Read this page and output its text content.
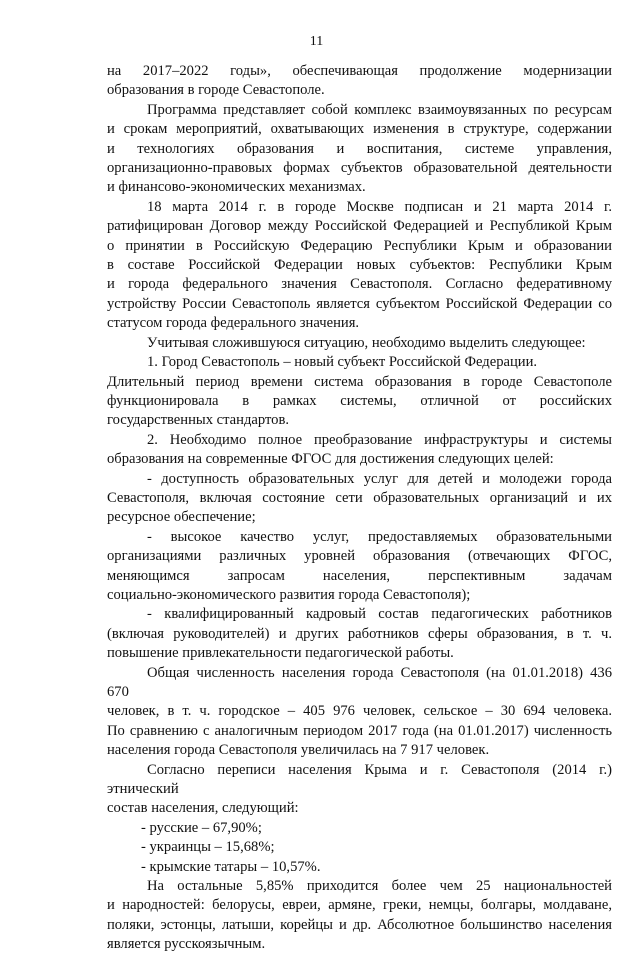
11

на 2017–2022 годы», обеспечивающая продолжение модернизации

образования в городе Севастополе.

Программа представляет собой комплекс взаимоувязанных по ресурсам

и срокам мероприятий, охватывающих изменения в структуре, содержании

и технологиях образования и воспитания, системе управления,

организационно-правовых формах субъектов образовательной деятельности

и финансово-экономических механизмах.

18 марта 2014 г. в городе Москве подписан и 21 марта 2014 г.

ратифицирован Договор между Российской Федерацией и Республикой Крым

о принятии в Российскую Федерацию Республики Крым и образовании

в составе Российской Федерации новых субъектов: Республики Крым

и города федерального значения Севастополя. Согласно федеративному

устройству России Севастополь является субъектом Российской Федерации со

статусом города федерального значения.

Учитывая сложившуюся ситуацию, необходимо выделить следующее:

1. Город Севастополь – новый субъект Российской Федерации.

Длительный период времени система образования в городе Севастополе

функционировала в рамках системы, отличной от российских

государственных стандартов.

2. Необходимо полное преобразование инфраструктуры и системы

образования на современные ФГОС для достижения следующих целей:

- доступность образовательных услуг для детей и молодежи города

Севастополя, включая состояние сети образовательных организаций и их

ресурсное обеспечение;

- высокое качество услуг, предоставляемых образовательными

организациями различных уровней образования (отвечающих ФГОС,

меняющимся запросам населения, перспективным задачам

социально-экономического развития города Севастополя);

- квалифицированный кадровый состав педагогических работников

(включая руководителей) и других работников сферы образования, в т. ч.

повышение привлекательности педагогической работы.

Общая численность населения города Севастополя (на 01.01.2018) 436 670

человек, в т. ч. городское – 405 976 человек, сельское – 30 694 человека.

По сравнению с аналогичным периодом 2017 года (на 01.01.2017) численность

населения города Севастополя увеличилась на 7 917 человек.

Согласно переписи населения Крыма и г. Севастополя (2014 г.) этнический

состав населения, следующий:

- русские – 67,90%;

- украинцы – 15,68%;

- крымские татары – 10,57%.

На остальные 5,85% приходится более чем 25 национальностей

и народностей: белорусы, евреи, армяне, греки, немцы, болгары, молдаване,

поляки, эстонцы, латыши, корейцы и др. Абсолютное большинство населения

является русскоязычным.
